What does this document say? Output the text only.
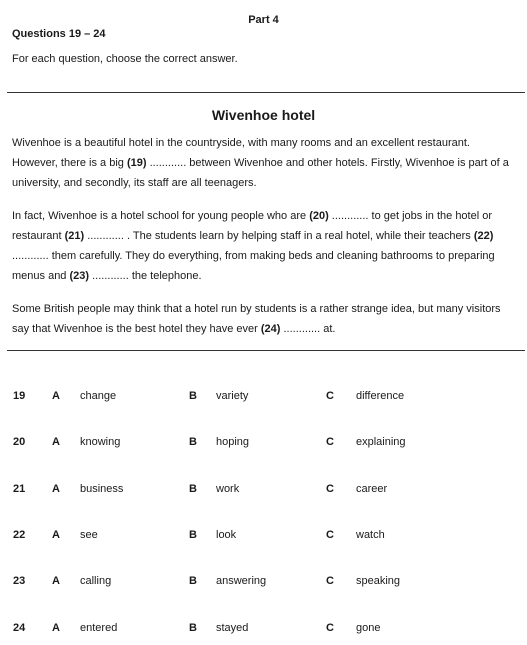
Part 4
Questions 19 – 24
For each question, choose the correct answer.
Wivenhoe hotel
Wivenhoe is a beautiful hotel in the countryside, with many rooms and an excellent restaurant. However, there is a big (19) ............ between Wivenhoe and other hotels. Firstly, Wivenhoe is part of a university, and secondly, its staff are all teenagers.
In fact, Wivenhoe is a hotel school for young people who are (20) ............ to get jobs in the hotel or restaurant (21) ............ . The students learn by helping staff in a real hotel, while their teachers (22) ............ them carefully. They do everything, from making beds and cleaning bathrooms to preparing menus and (23) ............ the telephone.
Some British people may think that a hotel run by students is a rather strange idea, but many visitors say that Wivenhoe is the best hotel they have ever (24) ............ at.
19 A change	B variety	C difference
20 A knowing	B hoping	C explaining
21 A business	B work	C career
22 A see	B look	C watch
23 A calling	B answering	C speaking
24 A entered	B stayed	C gone
